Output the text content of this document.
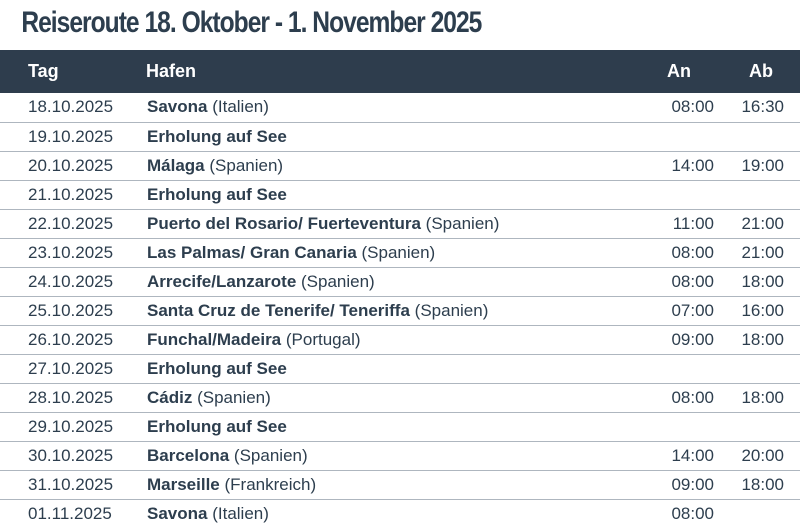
Reiseroute 18. Oktober - 1. November 2025
Tag	Hafen	An	Ab
18.10.2025	Savona (Italien)	08:00	16:30
19.10.2025	Erholung auf See		
20.10.2025	Málaga (Spanien)	14:00	19:00
21.10.2025	Erholung auf See		
22.10.2025	Puerto del Rosario/ Fuerteventura (Spanien)	11:00	21:00
23.10.2025	Las Palmas/ Gran Canaria (Spanien)	08:00	21:00
24.10.2025	Arrecife/Lanzarote (Spanien)	08:00	18:00
25.10.2025	Santa Cruz de Tenerife/ Teneriffa (Spanien)	07:00	16:00
26.10.2025	Funchal/Madeira (Portugal)	09:00	18:00
27.10.2025	Erholung auf See		
28.10.2025	Cádiz (Spanien)	08:00	18:00
29.10.2025	Erholung auf See		
30.10.2025	Barcelona (Spanien)	14:00	20:00
31.10.2025	Marseille (Frankreich)	09:00	18:00
01.11.2025	Savona (Italien)	08:00	
